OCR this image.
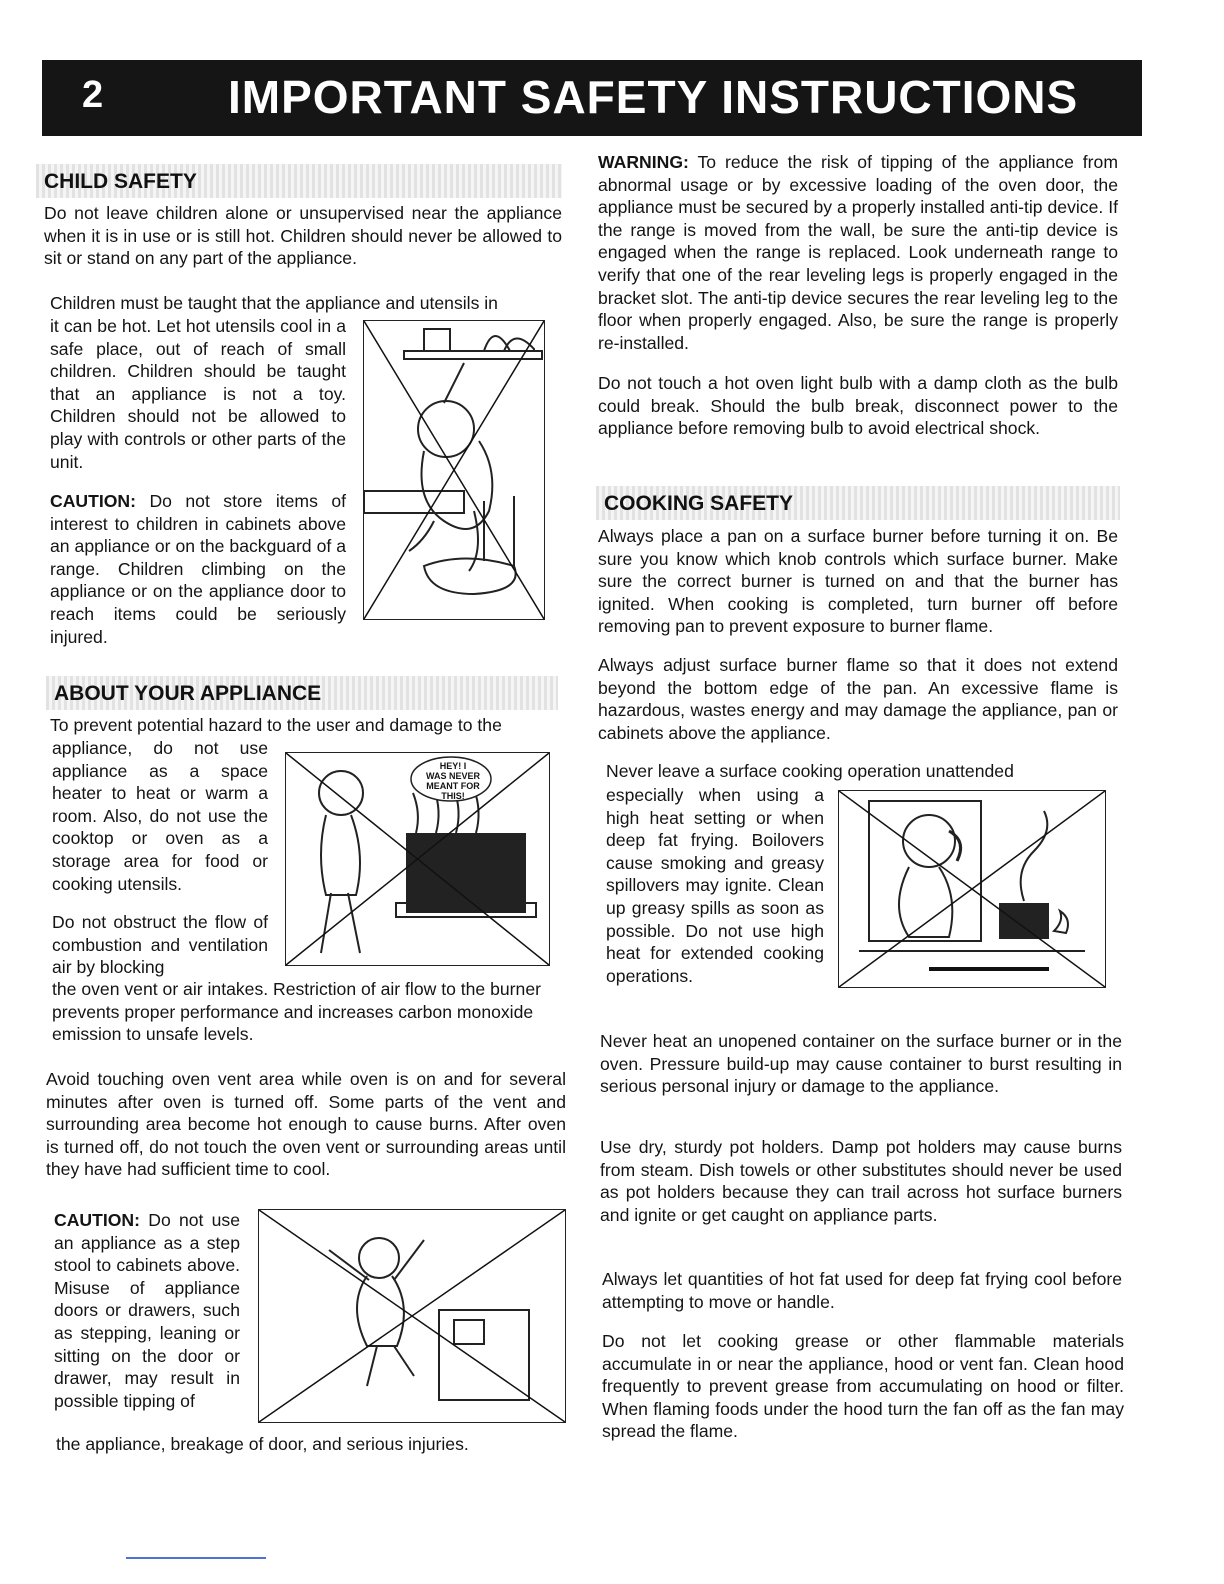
2	IMPORTANT SAFETY INSTRUCTIONS
CHILD SAFETY
Do not leave children alone or unsupervised near the appliance when it is in use or is still hot. Children should never be allowed to sit or stand on any part of the appliance.
Children must be taught that the appliance and utensils in
it can be hot. Let hot utensils cool in a safe place, out of reach of small children. Children should be taught that an appliance is not a toy. Children should not be allowed to play with controls or other parts of the unit.
CAUTION: Do not store items of interest to children in cabinets above an appliance or on the backguard of a range. Children climbing on the appliance or on the appliance door to reach items could be seriously injured.
ABOUT YOUR APPLIANCE
To prevent potential hazard to the user and damage to the
appliance, do not use appliance as a space heater to heat or warm a room. Also, do not use the cooktop or oven as a storage area for food or cooking utensils.
Do not obstruct the flow of combustion and ventilation air by blocking
the oven vent or air intakes. Restriction of air flow to the burner prevents proper performance and increases carbon monoxide emission to unsafe levels.
HEY! I
WAS NEVER
MEANT FOR
THIS!
Avoid touching oven vent area while oven is on and for several minutes after oven is turned off. Some parts of the vent and surrounding area become hot enough to cause burns. After oven is turned off, do not touch the oven vent or surrounding areas until they have had sufficient time to cool.
CAUTION: Do not use an appliance as a step stool to cabinets above. Misuse of appliance doors or drawers, such as stepping, leaning or sitting on the door or drawer, may result in possible tipping of
the appliance, breakage of door, and serious injuries.
WARNING: To reduce the risk of tipping of the appliance from abnormal usage or by excessive loading of the oven door, the appliance must be secured by a properly installed anti-tip device. If the range is moved from the wall, be sure the anti-tip device is engaged when the range is replaced. Look underneath range to verify that one of the rear leveling legs is properly engaged in the bracket slot. The anti-tip device secures the rear leveling leg to the floor when properly engaged. Also, be sure the range is properly re-installed.
Do not touch a hot oven light bulb with a damp cloth as the bulb could break. Should the bulb break, disconnect power to the appliance before removing bulb to avoid electrical shock.
COOKING SAFETY
Always place a pan on a surface burner before turning it on. Be sure you know which knob controls which surface burner. Make sure the correct burner is turned on and that the burner has ignited. When cooking is completed, turn burner off before removing pan to prevent exposure to burner flame.
Always adjust surface burner flame so that it does not extend beyond the bottom edge of the pan. An excessive flame is hazardous, wastes energy and may damage the appliance, pan or cabinets above the appliance.
Never leave a surface cooking operation unattended
especially when using a high heat setting or when deep fat frying. Boilovers cause smoking and greasy spillovers may ignite. Clean up greasy spills as soon as possible. Do not use high heat for extended cooking operations.
Never heat an unopened container on the surface burner or in the oven. Pressure build-up may cause container to burst resulting in serious personal injury or damage to the appliance.
Use dry, sturdy pot holders. Damp pot holders may cause burns from steam. Dish towels or other substitutes should never be used as pot holders because they can trail across hot surface burners and ignite or get caught on appliance parts.
Always let quantities of hot fat used for deep fat frying cool before attempting to move or handle.
Do not let cooking grease or other flammable materials accumulate in or near the appliance, hood or vent fan. Clean hood frequently to prevent grease from accumulating on hood or filter. When flaming foods under the hood turn the fan off as the fan may spread the flame.
